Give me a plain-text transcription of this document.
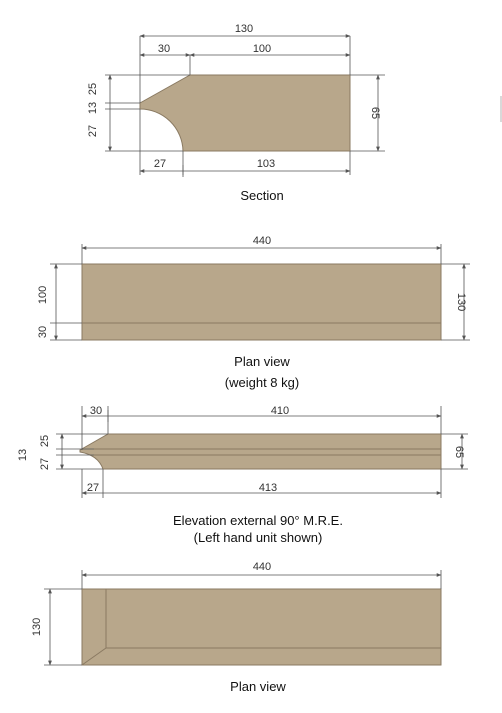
130
30	100
25
13
27
65
27	103
Section
440
100
30
130
Plan view
(weight 8 kg)
30	410
13
25
27
65
27	413
Elevation external 90° M.R.E.
(Left hand unit shown)
440
130
Plan view
